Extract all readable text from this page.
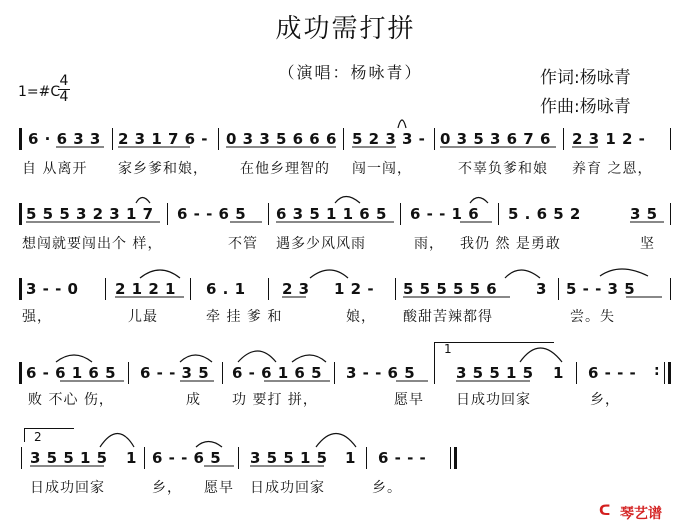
成功需打拼
（演唱：杨咏青）	作词:杨咏青
作曲:杨咏青
1=#C
$\frac{4}{4}$
6 · 6 3 3 2 3 1 7 6 - 0 3 3 5 6 6 6 5 2 3 3 - 0 3 5 3 6 7 6 2 3 1 2 -
自 从离开 家乡爹和娘， 在他乡理智的 闯一闯，	不辜负爹和娘 养育 之恩，
5 5 5 3 2 3 1 7 6 - - 6 5 6 3 5 1 1 6 5 6 - - 1 6 5 . 6 5 2	3 5
想闯就要闯出个 样，	不管 遇多少风风雨	雨， 我仍 然 是勇敢	坚
3 - - 0 2 1 2 1 6 . 1 2 3 1 2 - 5 5 5 5 5 6	3 5 - - 3 5
强，	儿最	牵 挂 爹 和	娘， 酸甜苦辣都得	尝。失
6 - 6 1 6 5 6 - - 3 5 6 - 6 1 6 5 3 - - 6 5
1
3 5 5 1 5 1 6 - - - :
败 不心 伤，	成 功 要打 拼，	愿早 日成功回家	乡，
2
3 5 5 1 5 1 6 - - 6 5 3 5 5 1 5 1 6 - - -
日成功回家	乡， 愿早 日成功回家	乡。
ᑕ 琴艺谱
